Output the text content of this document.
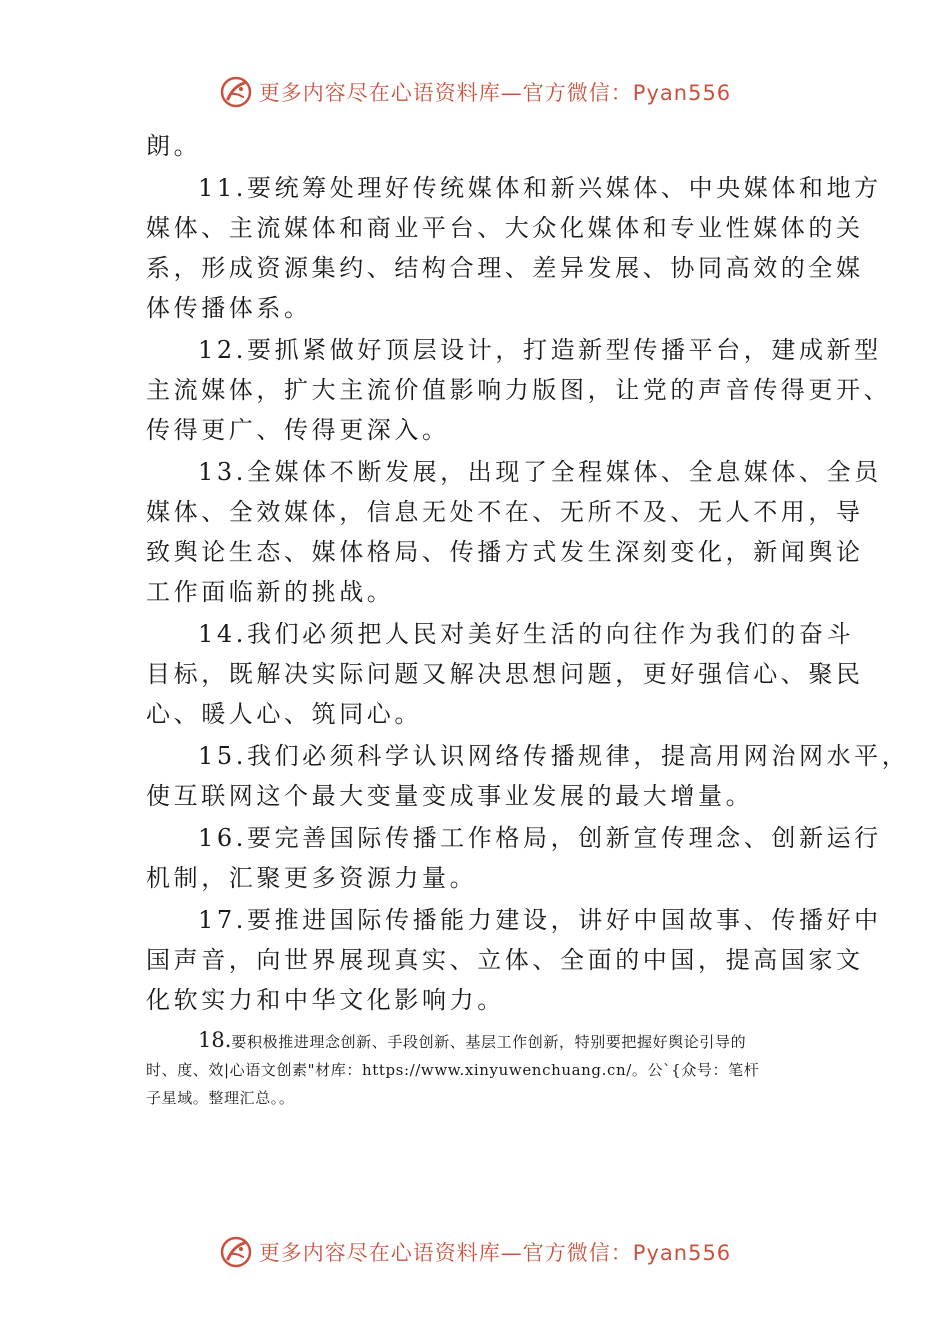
更多内容尽在心语资料库—官方微信：Pyan556
朗。
11.要统筹处理好传统媒体和新兴媒体、中央媒体和地方
媒体、主流媒体和商业平台、大众化媒体和专业性媒体的关
系，形成资源集约、结构合理、差异发展、协同高效的全媒
体传播体系。
12.要抓紧做好顶层设计，打造新型传播平台，建成新型
主流媒体，扩大主流价值影响力版图，让党的声音传得更开、
传得更广、传得更深入。
13.全媒体不断发展，出现了全程媒体、全息媒体、全员
媒体、全效媒体，信息无处不在、无所不及、无人不用，导
致舆论生态、媒体格局、传播方式发生深刻变化，新闻舆论
工作面临新的挑战。
14.我们必须把人民对美好生活的向往作为我们的奋斗
目标，既解决实际问题又解决思想问题，更好强信心、聚民
心、暖人心、筑同心。
15.我们必须科学认识网络传播规律，提高用网治网水平，
使互联网这个最大变量变成事业发展的最大增量。
16.要完善国际传播工作格局，创新宣传理念、创新运行
机制，汇聚更多资源力量。
17.要推进国际传播能力建设，讲好中国故事、传播好中
国声音，向世界展现真实、立体、全面的中国，提高国家文
化软实力和中华文化影响力。
18.要积极推进理念创新、手段创新、基层工作创新，特别要把握好舆论引导的
时、度、效|心语文创素"材库：https://www.xinyuwenchuang.cn/。公`{众号：笔杆
子星域。整理汇总。。
更多内容尽在心语资料库—官方微信：Pyan556
